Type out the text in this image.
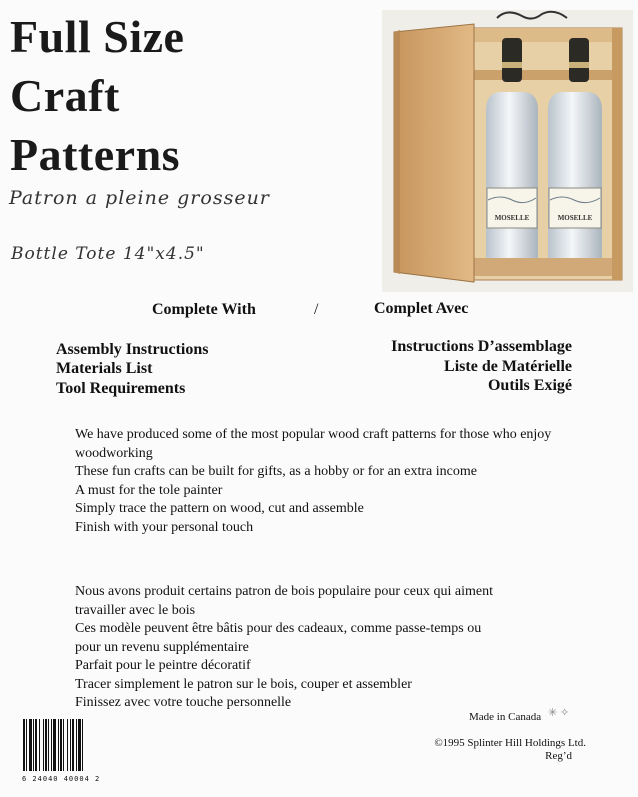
Full Size
Craft
Patterns
Patron a pleine grosseur
Bottle Tote 14"x4.5"
MOSELLE	MOSELLE
Complete With	/	Complet Avec
Assembly Instructions
Materials List
Tool Requirements
Instructions D’assemblage
Liste de Matérielle
Outils Exigé

We have produced some of the most popular wood craft patterns for those who enjoy woodworking

These fun crafts can be built for gifts, as a hobby or for an extra income

A must for the tole painter

Simply trace the pattern on wood, cut and assemble

Finish with your personal touch

Nous avons produit certains patron de bois populaire pour ceux qui aiment travailler avec le bois

Ces modèle peuvent être bâtis pour des cadeaux, comme passe-temps ou pour un revenu supplémentaire

Parfait pour le peintre décoratif

Tracer simplement le patron sur le bois, couper et assembler

Finissez avec votre touche personnelle

Made in Canada ✳ ✧
©1995 Splinter Hill Holdings Ltd.
Reg’d
6 24040 40004 2
